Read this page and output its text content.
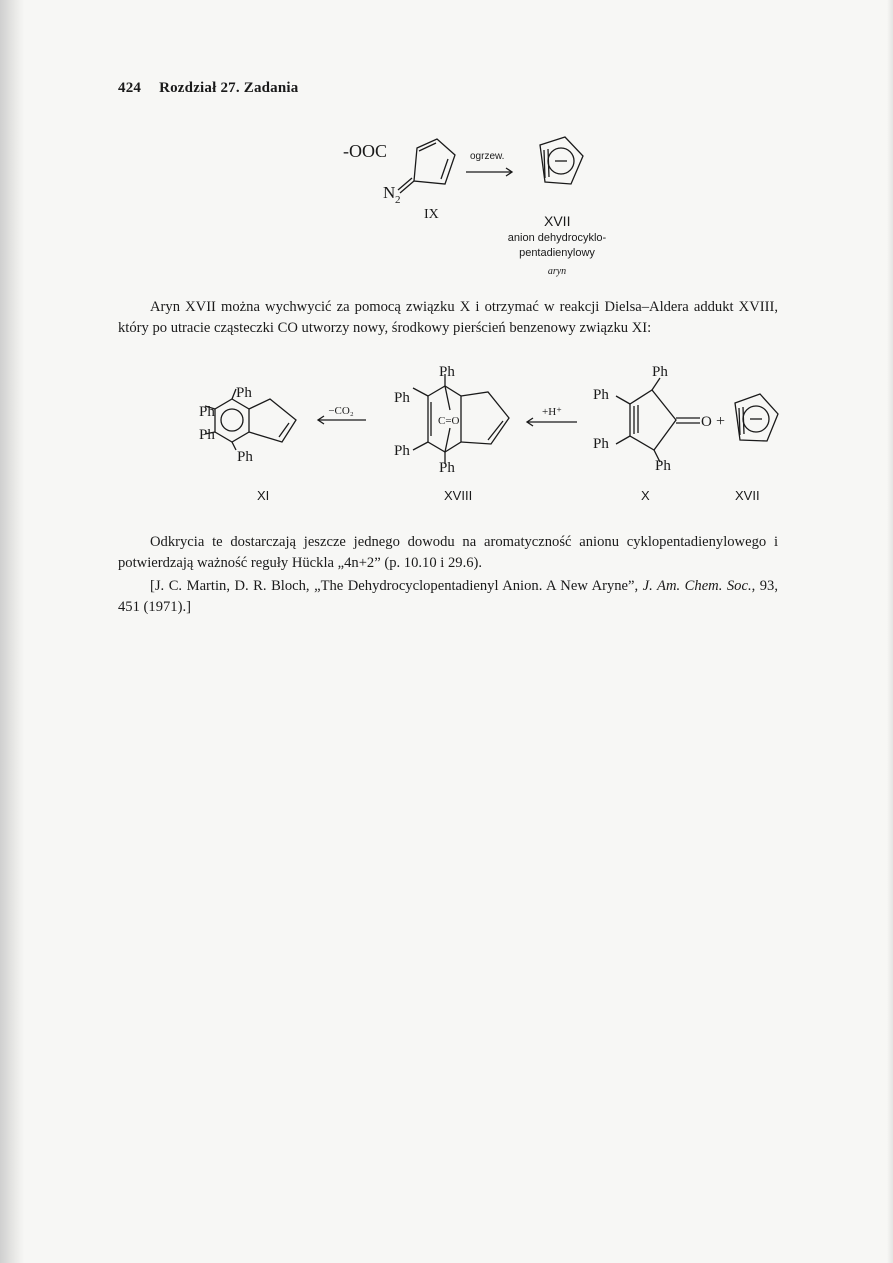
424 Rozdział 27. Zadania
-OOC
N 2
ogrzew.
IX	XVII
anion dehydrocyklo-
pentadienylowy
aryn
Ph
Ph
Ph
Ph
−CO₂
Ph
Ph
Ph
Ph
C=O
+H⁺
Ph
Ph
Ph
Ph
O +
XI	XVIII	X	XVII

Aryn XVII można wychwycić za pomocą związku X i otrzymać w reakcji Dielsa–Aldera addukt XVIII, który po utracie cząsteczki CO utworzy nowy, środkowy pierścień benzenowy związku XI:

Odkrycia te dostarczają jeszcze jednego dowodu na aromatyczność anionu cyklopentadienylowego i potwierdzają ważność reguły Hückla „4n+2” (p. 10.10 i 29.6).

[J. C. Martin, D. R. Bloch, „The Dehydrocyclopentadienyl Anion. A New Aryne”, J. Am. Chem. Soc., 93, 451 (1971).]
